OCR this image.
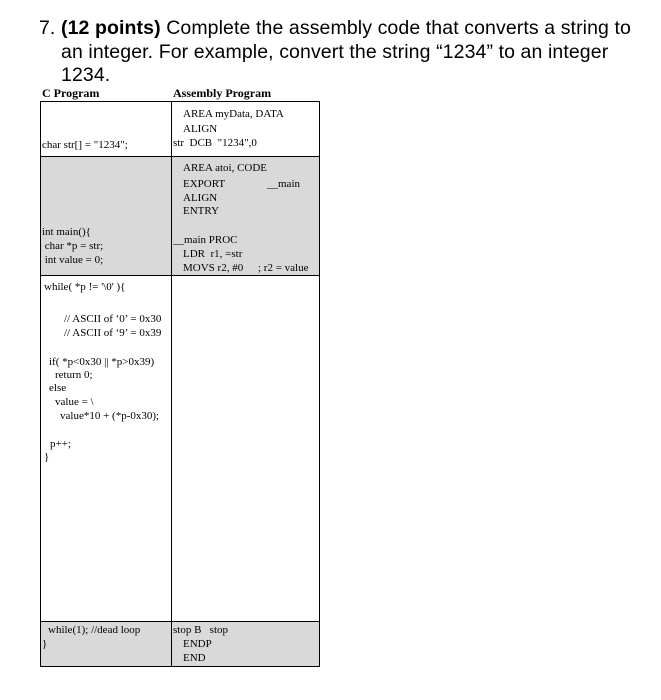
7. (12 points) Complete the assembly code that converts a string to an integer. For example, convert the string “1234” to an integer 1234.
C Program	Assembly Program

char str[] = "1234";

AREA myData, DATA

ALIGN

str  DCB  "1234",0

int main(){

char *p = str;

int value = 0;

AREA atoi, CODE

EXPORT

	__main

ALIGN

ENTRY

__main PROC

LDR  r1, =str

MOVS r2, #0

; r2 = value

while( *p != '\0' ){

// ASCII of ‘0’ = 0x30

// ASCII of ‘9’ = 0x39

if( *p<0x30 || *p>0x39)

return 0;

else

value = \

value*10 + (*p-0x30);

p++;

}

while(1); //dead loop

}

stop B   stop

ENDP

END
